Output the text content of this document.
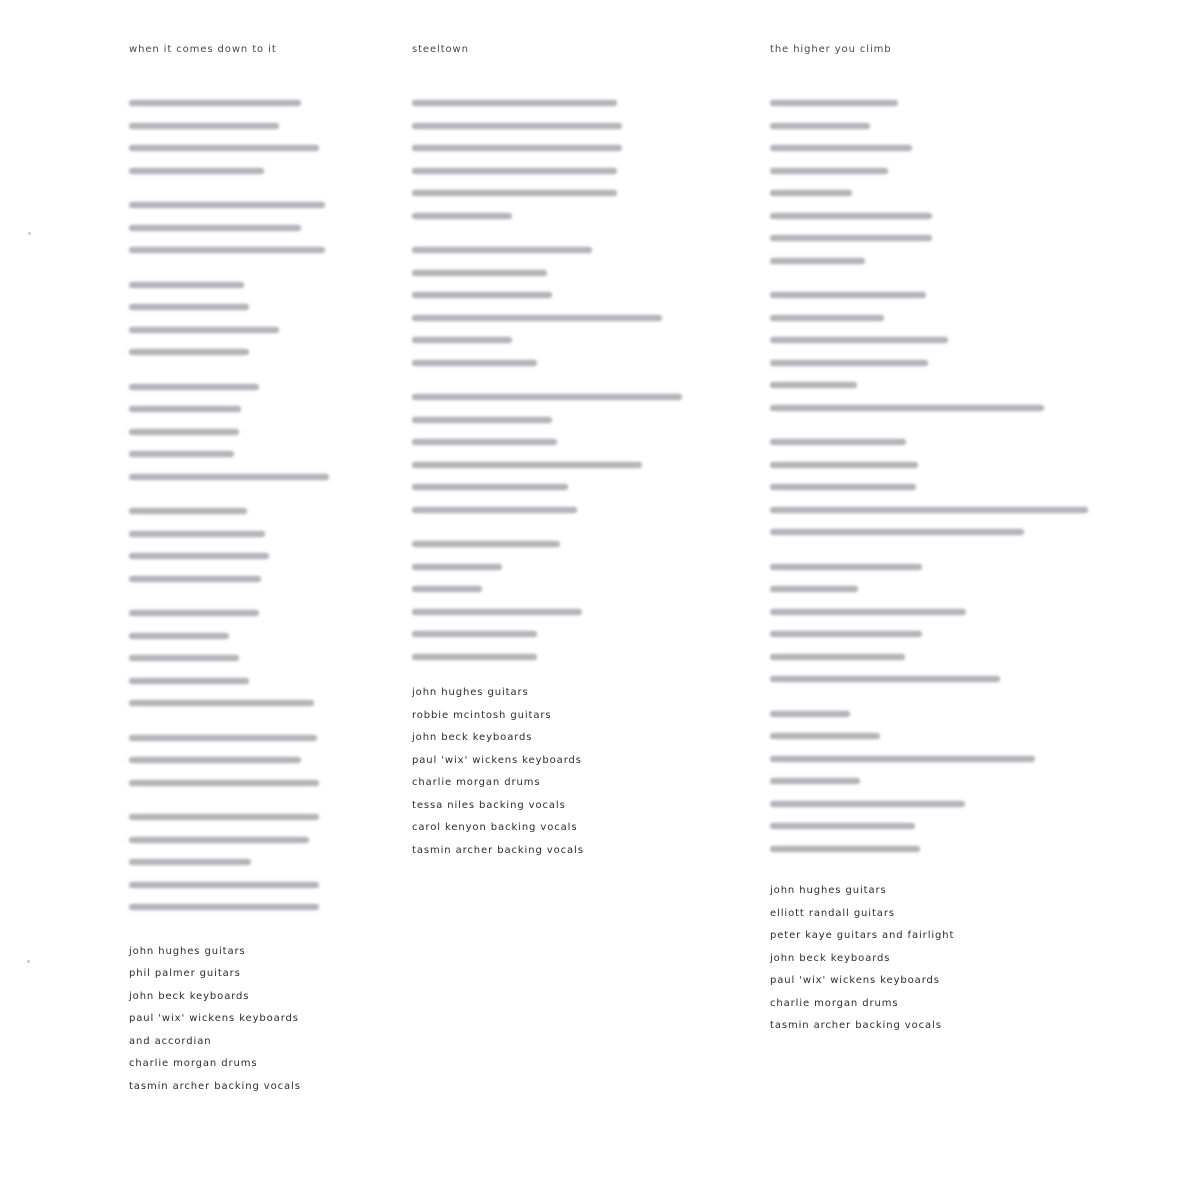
when it comes down to it
john hughes guitars
phil palmer guitars
john beck keyboards
paul 'wix' wickens keyboards
and accordian
charlie morgan drums
tasmin archer backing vocals
steeltown
john hughes guitars
robbie mcintosh guitars
john beck keyboards
paul 'wix' wickens keyboards
charlie morgan drums
tessa niles backing vocals
carol kenyon backing vocals
tasmin archer backing vocals
the higher you climb
john hughes guitars
elliott randall guitars
peter kaye guitars and fairlight
john beck keyboards
paul 'wix' wickens keyboards
charlie morgan drums
tasmin archer backing vocals
